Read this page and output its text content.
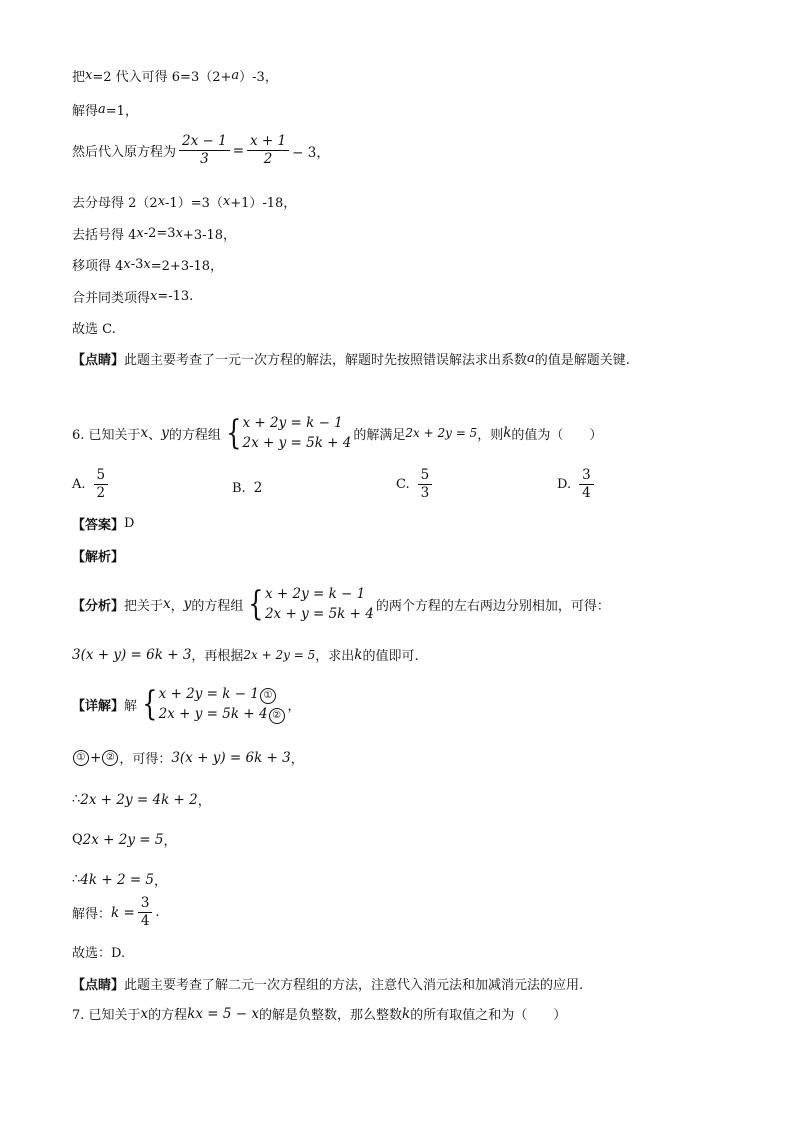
把 x =2 代入可得 6=3（2+ a ）-3，
解得 a =1，
然后代入原方程为 $\frac{2x - 1}{3} = \frac{x + 1}{2} - 3$，
去分母得 2（2 x -1）=3（ x +1）-18，
去括号得 4 x -2=3 x +3-18，
移项得 4 x -3 x =2+3-18，
合并同类项得 x =-13.
故选 C.
【点睛】 此题主要考查了一元一次方程的解法，解题时先按照错误解法求出系数 a 的值是解题关键.
6. 已知关于 x 、 y 的方程组 { x + 2y = k − 1
2x + y = 5k + 4 的解满足 2x + 2y = 5 ，则 k 的值为（　　）
A. $\frac{5}{2}$	B. 2	C. $\frac{5}{3}$	D. $\frac{3}{4}$
【答案】 D
【解析】
【分析】 把关于 x ， y 的方程组 { x + 2y = k − 1
2x + y = 5k + 4 的两个方程的左右两边分别相加，可得：
3(x + y) = 6k + 3 ，再根据 2x + 2y = 5 ，求出 k 的值即可.
【详解】 解 { x + 2y = k − 1 ①
2x + y = 5k + 4 ②
，
① + ② ，可得： 3(x + y) = 6k + 3 ，
∴ 2x + 2y = 4k + 2 ，
Q 2x + 2y = 5 ，
∴ 4k + 2 = 5 ，
解得： $k = \frac{3}{4}$ .
故选：D.
【点睛】 此题主要考查了解二元一次方程组的方法，注意代入消元法和加减消元法的应用.
7. 已知关于 x 的方程 kx = 5 − x 的解是负整数，那么整数 k 的所有取值之和为（　　）
